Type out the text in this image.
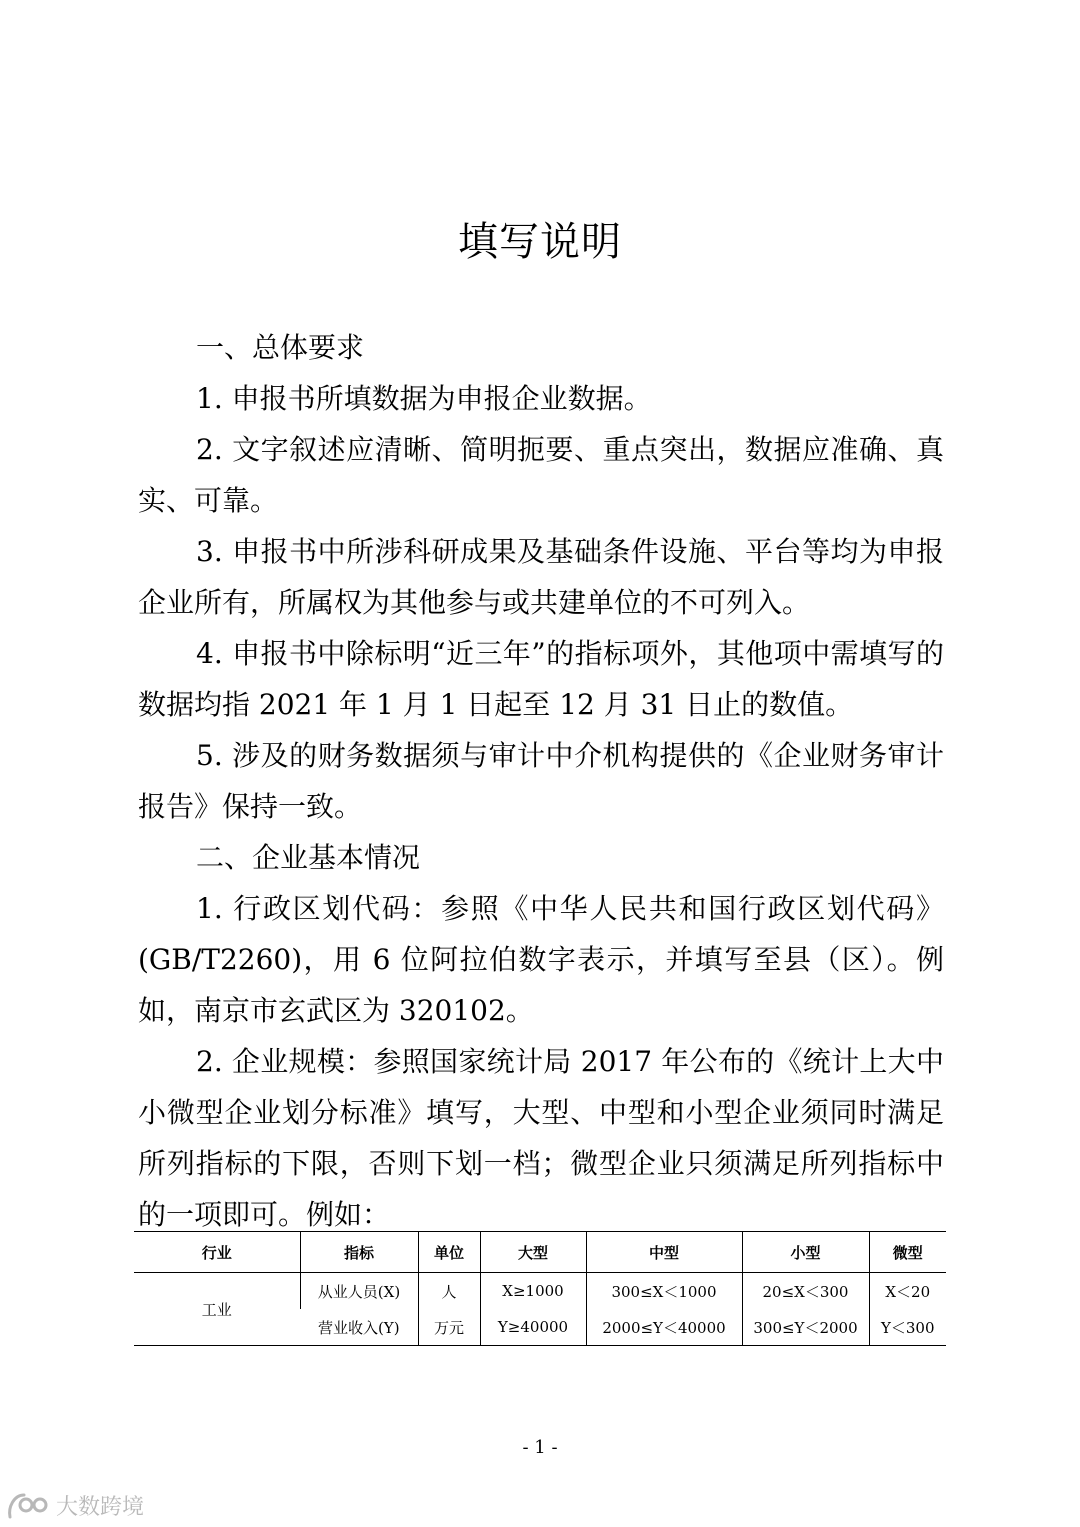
填写说明

一、总体要求

1. 申报书所填数据为申报企业数据。

2. 文字叙述应清晰、简明扼要、重点突出，数据应准确、真实、可靠。

3. 申报书中所涉科研成果及基础条件设施、平台等均为申报企业所有，所属权为其他参与或共建单位的不可列入。

4. 申报书中除标明“近三年”的指标项外，其他项中需填写的数据均指 2021 年 1 月 1 日起至 12 月 31 日止的数值。

5. 涉及的财务数据须与审计中介机构提供的《企业财务审计报告》保持一致。

二、企业基本情况

1. 行政区划代码：参照《中华人民共和国行政区划代码》(GB/T2260)，用 6 位阿拉伯数字表示，并填写至县（区）。例如，南京市玄武区为 320102。

2. 企业规模：参照国家统计局 2017 年公布的《统计上大中小微型企业划分标准》填写，大型、中型和小型企业须同时满足所列指标的下限，否则下划一档；微型企业只须满足所列指标中的一项即可。例如：

行业	指标	单位	大型	中型	小型	微型
工业	从业人员(X)	人	X≥1000	300≤X＜1000	20≤X＜300	X＜20
	营业收入(Y)	万元	Y≥40000	2000≤Y＜40000	300≤Y＜2000	Y＜300
- 1 -
大数跨境
